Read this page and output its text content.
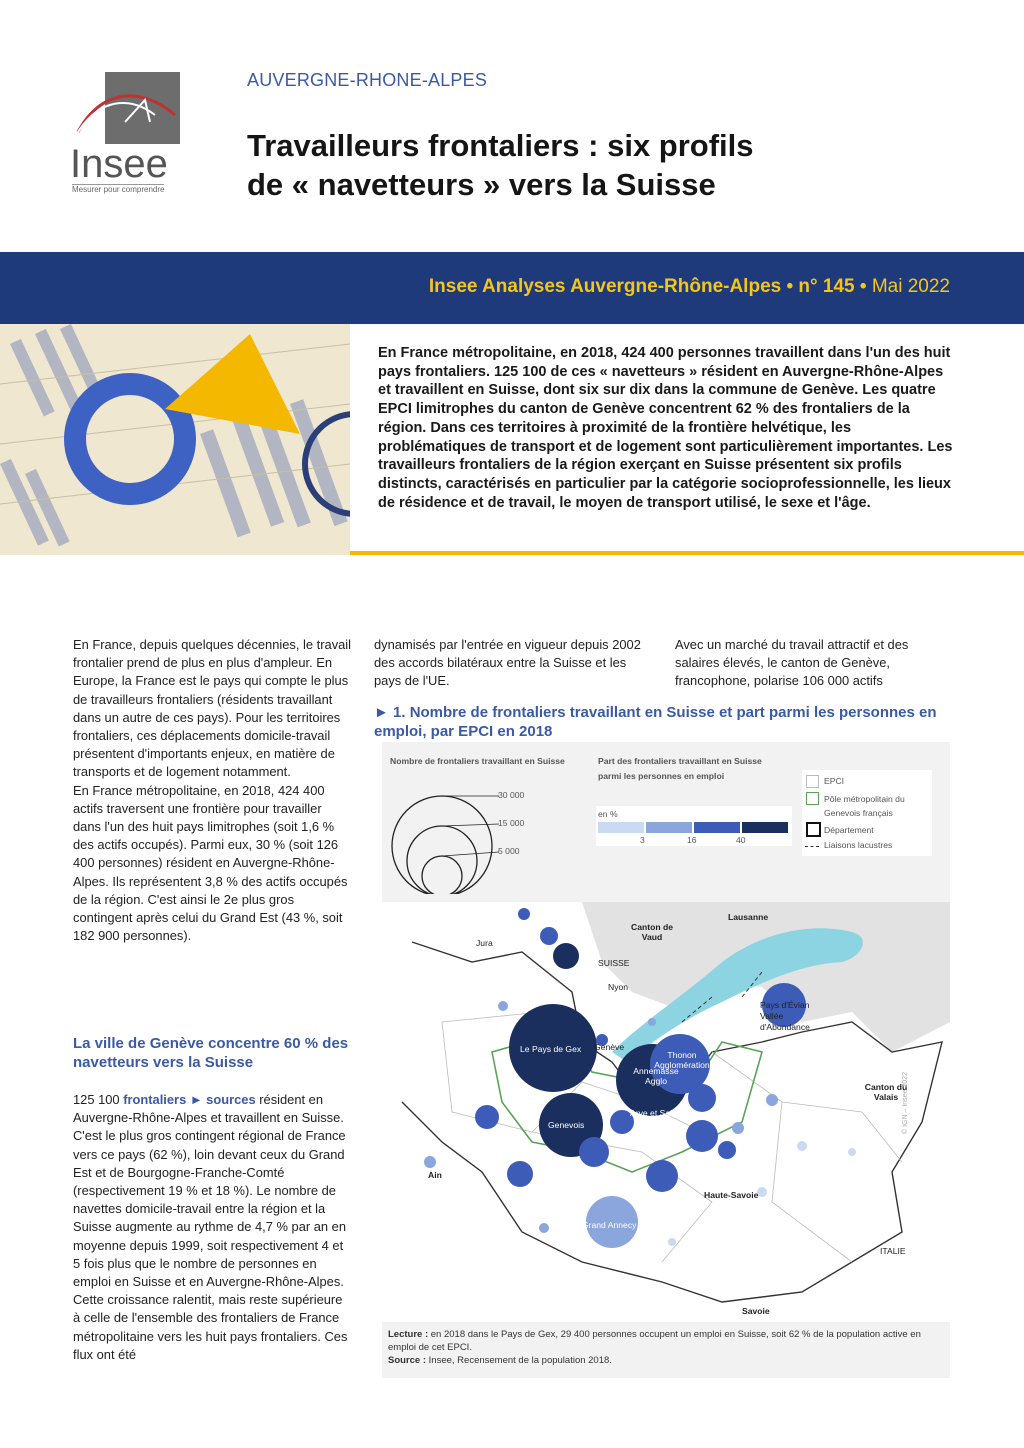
Insee
Mesurer pour comprendre
AUVERGNE-RHONE-ALPES
Travailleurs frontaliers : six profils
de « navetteurs » vers la Suisse
Insee Analyses Auvergne-Rhône-Alpes • n° 145 • Mai 2022
En France métropolitaine, en 2018, 424 400 personnes travaillent dans l'un des huit pays frontaliers. 125 100 de ces « navetteurs » résident en Auvergne-Rhône-Alpes et travaillent en Suisse, dont six sur dix dans la commune de Genève. Les quatre EPCI limitrophes du canton de Genève concentrent 62 % des frontaliers de la région. Dans ces territoires à proximité de la frontière helvétique, les problématiques de transport et de logement sont particulièrement importantes. Les travailleurs frontaliers de la région exerçant en Suisse présentent six profils distincts, caractérisés en particulier par la catégorie socioprofessionnelle, les lieux de résidence et de travail, le moyen de transport utilisé, le sexe et l'âge.

En France, depuis quelques décennies, le travail frontalier prend de plus en plus d'ampleur. En Europe, la France est le pays qui compte le plus de travailleurs frontaliers (résidents travaillant dans un autre de ces pays). Pour les territoires frontaliers, ces déplacements domicile-travail présentent d'importants enjeux, en matière de transports et de logement notamment.

En France métropolitaine, en 2018, 424 400 actifs traversent une frontière pour travailler dans l'un des huit pays limitrophes (soit 1,6 % des actifs occupés). Parmi eux, 30 % (soit 126 400 personnes) résident en Auvergne-Rhône-Alpes. Ils représentent 3,8 % des actifs occupés de la région. C'est ainsi le 2e plus gros contingent après celui du Grand Est (43 %, soit 182 900 personnes).

La ville de Genève concentre 60 % des navetteurs vers la Suisse
125 100 frontaliers ► sources résident en Auvergne-Rhône-Alpes et travaillent en Suisse. C'est le plus gros contingent régional de France vers ce pays (62 %), loin devant ceux du Grand Est et de Bourgogne-Franche-Comté (respectivement 19 % et 18 %). Le nombre de navettes domicile-travail entre la région et la Suisse augmente au rythme de 4,7 % par an en moyenne depuis 1999, soit respectivement 4 et 5 fois plus que le nombre de personnes en emploi en Suisse et en Auvergne-Rhône-Alpes. Cette croissance ralentit, mais reste supérieure à celle de l'ensemble des frontaliers de France métropolitaine vers les huit pays frontaliers. Ces flux ont été
dynamisés par l'entrée en vigueur depuis 2002 des accords bilatéraux entre la Suisse et les pays de l'UE.
Avec un marché du travail attractif et des salaires élevés, le canton de Genève, francophone, polarise 106 000 actifs
► 1. Nombre de frontaliers travaillant en Suisse et part parmi les personnes en emploi, par EPCI en 2018
Nombre de frontaliers travaillant en Suisse
30 000
15 000
5 000
Part des frontaliers travaillant en Suisse parmi les personnes en emploi
en %
3	16	40
EPCI
Pôle métropolitain du Genevois français
Département
Liaisons lacustres
Jura
Canton de Vaud
SUISSE
Lausanne
Nyon
Genève
Le Pays de Gex
Genevois
Annemasse Agglo
Thonon Agglomération
Pays d'Évian Vallée d'Abondance
Arve et Salève
Le Grand Annecy
Canton du Valais
Ain
Haute-Savoie
Savoie
ITALIE
© IGN – Insee 2022
Lecture : en 2018 dans le Pays de Gex, 29 400 personnes occupent un emploi en Suisse, soit 62 % de la population active en emploi de cet EPCI.
Source : Insee, Recensement de la population 2018.
